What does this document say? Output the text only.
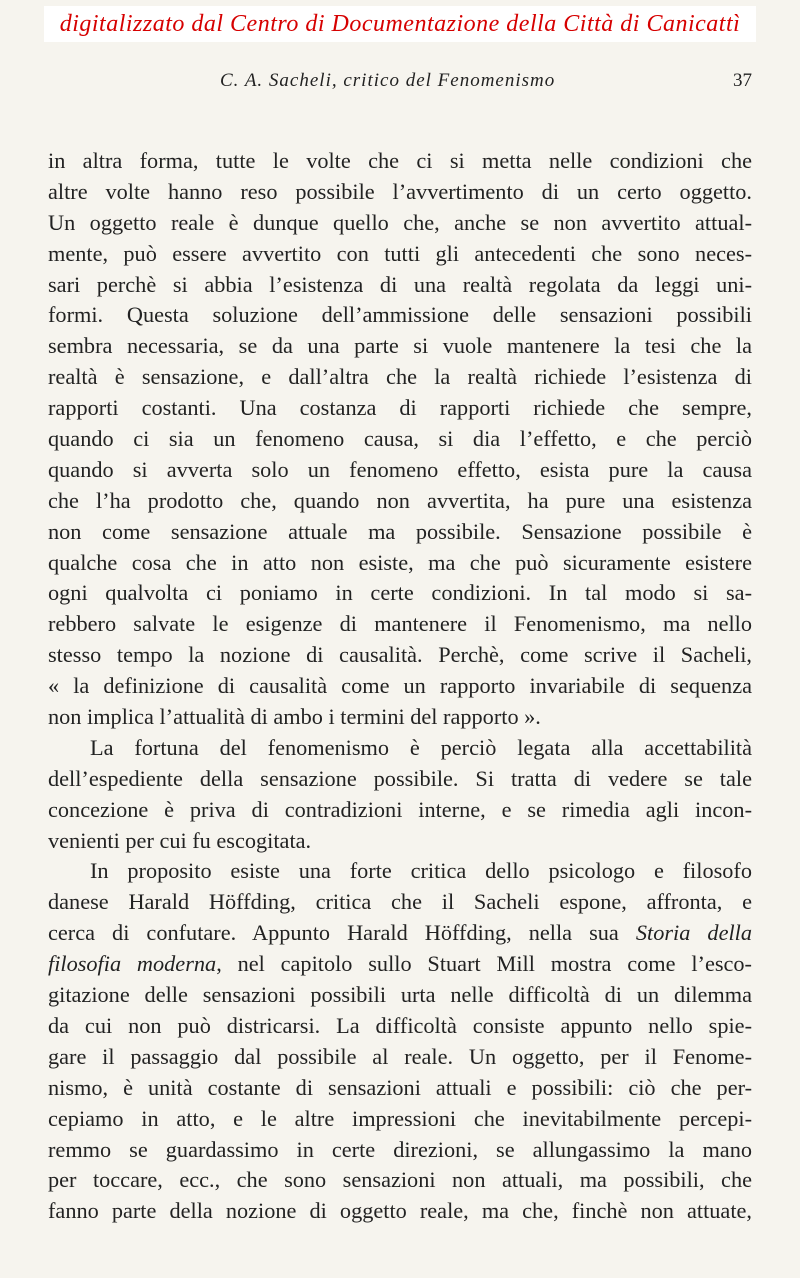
digitalizzato dal Centro di Documentazione della Città di Canicattì
C. A. Sacheli, critico del Fenomenismo	37
in altra forma, tutte le volte che ci si metta nelle condizioni che
altre volte hanno reso possibile l’avvertimento di un certo oggetto.
Un oggetto reale è dunque quello che, anche se non avvertito attual-
mente, può essere avvertito con tutti gli antecedenti che sono neces-
sari perchè si abbia l’esistenza di una realtà regolata da leggi uni-
formi. Questa soluzione dell’ammissione delle sensazioni possibili
sembra necessaria, se da una parte si vuole mantenere la tesi che la
realtà è sensazione, e dall’altra che la realtà richiede l’esistenza di
rapporti costanti. Una costanza di rapporti richiede che sempre,
quando ci sia un fenomeno causa, si dia l’effetto, e che perciò
quando si avverta solo un fenomeno effetto, esista pure la causa
che l’ha prodotto che, quando non avvertita, ha pure una esistenza
non come sensazione attuale ma possibile. Sensazione possibile è
qualche cosa che in atto non esiste, ma che può sicuramente esistere
ogni qualvolta ci poniamo in certe condizioni. In tal modo si sa-
rebbero salvate le esigenze di mantenere il Fenomenismo, ma nello
stesso tempo la nozione di causalità. Perchè, come scrive il Sacheli,
« la definizione di causalità come un rapporto invariabile di sequenza
non implica l’attualità di ambo i termini del rapporto ».
La fortuna del fenomenismo è perciò legata alla accettabilità
dell’espediente della sensazione possibile. Si tratta di vedere se tale
concezione è priva di contradizioni interne, e se rimedia agli incon-
venienti per cui fu escogitata.
In proposito esiste una forte critica dello psicologo e filosofo
danese Harald Höffding, critica che il Sacheli espone, affronta, e
cerca di confutare. Appunto Harald Höffding, nella sua Storia della
filosofia moderna, nel capitolo sullo Stuart Mill mostra come l’esco-
gitazione delle sensazioni possibili urta nelle difficoltà di un dilemma
da cui non può districarsi. La difficoltà consiste appunto nello spie-
gare il passaggio dal possibile al reale. Un oggetto, per il Fenome-
nismo, è unità costante di sensazioni attuali e possibili: ciò che per-
cepiamo in atto, e le altre impressioni che inevitabilmente percepi-
remmo se guardassimo in certe direzioni, se allungassimo la mano
per toccare, ecc., che sono sensazioni non attuali, ma possibili, che
fanno parte della nozione di oggetto reale, ma che, finchè non attuate,
